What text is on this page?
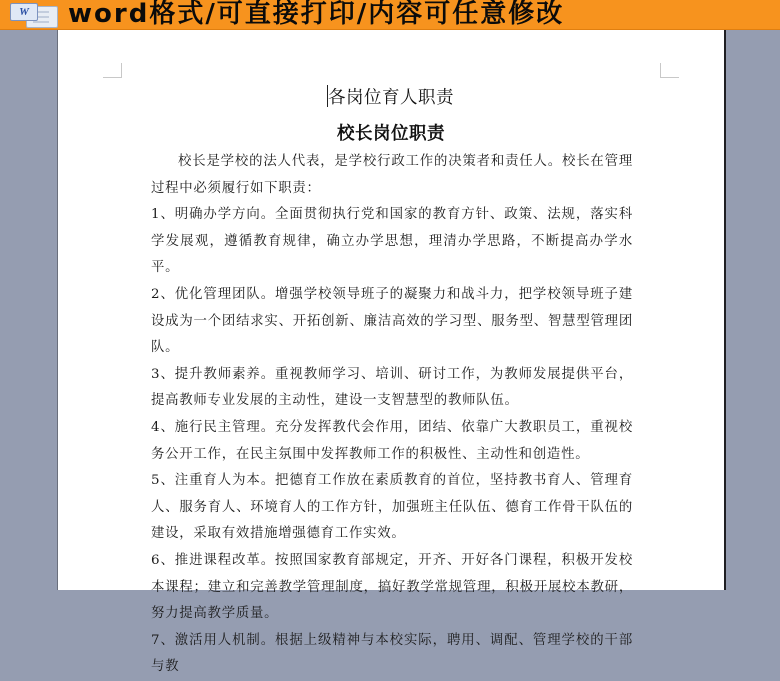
W	word格式/可直接打印/内容可任意修改
各岗位育人职责
校长岗位职责

校长是学校的法人代表，是学校行政工作的决策者和责任人。校长在管理过程中必须履行如下职责：

1、明确办学方向。全面贯彻执行党和国家的教育方针、政策、法规，落实科学发展观，遵循教育规律，确立办学思想，理清办学思路，不断提高办学水平。

2、优化管理团队。增强学校领导班子的凝聚力和战斗力，把学校领导班子建设成为一个团结求实、开拓创新、廉洁高效的学习型、服务型、智慧型管理团队。

3、提升教师素养。重视教师学习、培训、研讨工作，为教师发展提供平台，提高教师专业发展的主动性，建设一支智慧型的教师队伍。

4、施行民主管理。充分发挥教代会作用，团结、依靠广大教职员工，重视校务公开工作，在民主氛围中发挥教师工作的积极性、主动性和创造性。

5、注重育人为本。把德育工作放在素质教育的首位，坚持教书育人、管理育人、服务育人、环境育人的工作方针，加强班主任队伍、德育工作骨干队伍的建设，采取有效措施增强德育工作实效。

6、推进课程改革。按照国家教育部规定，开齐、开好各门课程，积极开发校本课程；建立和完善教学管理制度，搞好教学常规管理，积极开展校本教研，努力提高教学质量。

7、激活用人机制。根据上级精神与本校实际，聘用、调配、管理学校的干部与教
